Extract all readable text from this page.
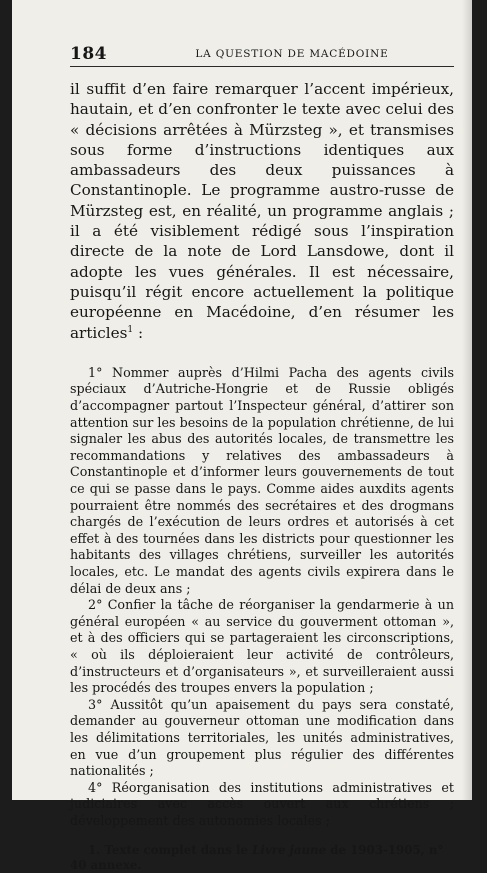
184	LA QUESTION DE MACÉDOINE

il suffit d’en faire remarquer l’accent impérieux, hautain, et d’en confronter le texte avec celui des « décisions arrêtées à Mürzsteg », et transmises sous forme d’instructions identiques aux ambassadeurs des deux puissances à Constantinople. Le programme austro-russe de Mürzsteg est, en réalité, un programme anglais ; il a été visiblement rédigé sous l’inspiration directe de la note de Lord Lansdowe, dont il adopte les vues générales. Il est nécessaire, puisqu’il régit encore actuellement la politique européenne en Macédoine, d’en résumer les articles$^1$ :

1° Nommer auprès d’Hilmi Pacha des agents civils spéciaux d’Autriche-Hongrie et de Russie obligés d’accompagner partout l’Inspecteur général, d’attirer son attention sur les besoins de la population chrétienne, de lui signaler les abus des autorités locales, de transmettre les recommandations y relatives des ambassadeurs à Constantinople et d’informer leurs gouvernements de tout ce qui se passe dans le pays. Comme aides auxdits agents pourraient être nommés des secrétaires et des drogmans chargés de l’exécution de leurs ordres et autorisés à cet effet à des tournées dans les districts pour questionner les habitants des villages chrétiens, surveiller les autorités locales, etc. Le mandat des agents civils expirera dans le délai de deux ans ;

2° Confier la tâche de réorganiser la gendarmerie à un général européen « au service du gouverment ottoman », et à des officiers qui se partageraient les circonscriptions, « où ils déploieraient leur activité de contrôleurs, d’instructeurs et d’organisateurs », et surveilleraient aussi les procédés des troupes envers la population ;

3° Aussitôt qu’un apaisement du pays sera constaté, demander au gouverneur ottoman une modification dans les délimitations territoriales, les unités administratives, en vue d’un groupement plus régulier des différentes nationalités ;

4° Réorganisation des institutions administratives et judiciaires avec accès ouvert aux chrétiens ; développement des autonomies locales ;

1. Texte complet dans le Livre jaune de 1903-1905, n° 40 annexe.
